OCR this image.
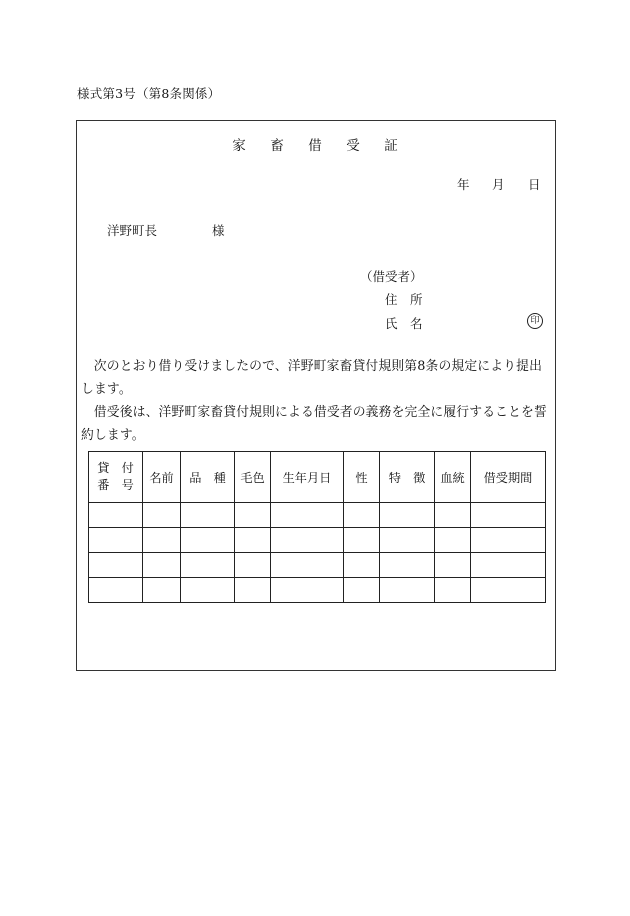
様式第3号（第8条関係）
家	畜	借	受	証
年 月 日
洋野町長	様
（借受者）
住　所
氏　名	印

次のとおり借り受けましたので、洋野町家畜貸付規則第8条の規定により提出します。

借受後は、洋野町家畜貸付規則による借受者の義務を完全に履行することを誓約します。

貸　付
番　号	名前	品　種	毛色	生年月日	性	特　徴	血統	借受期間
